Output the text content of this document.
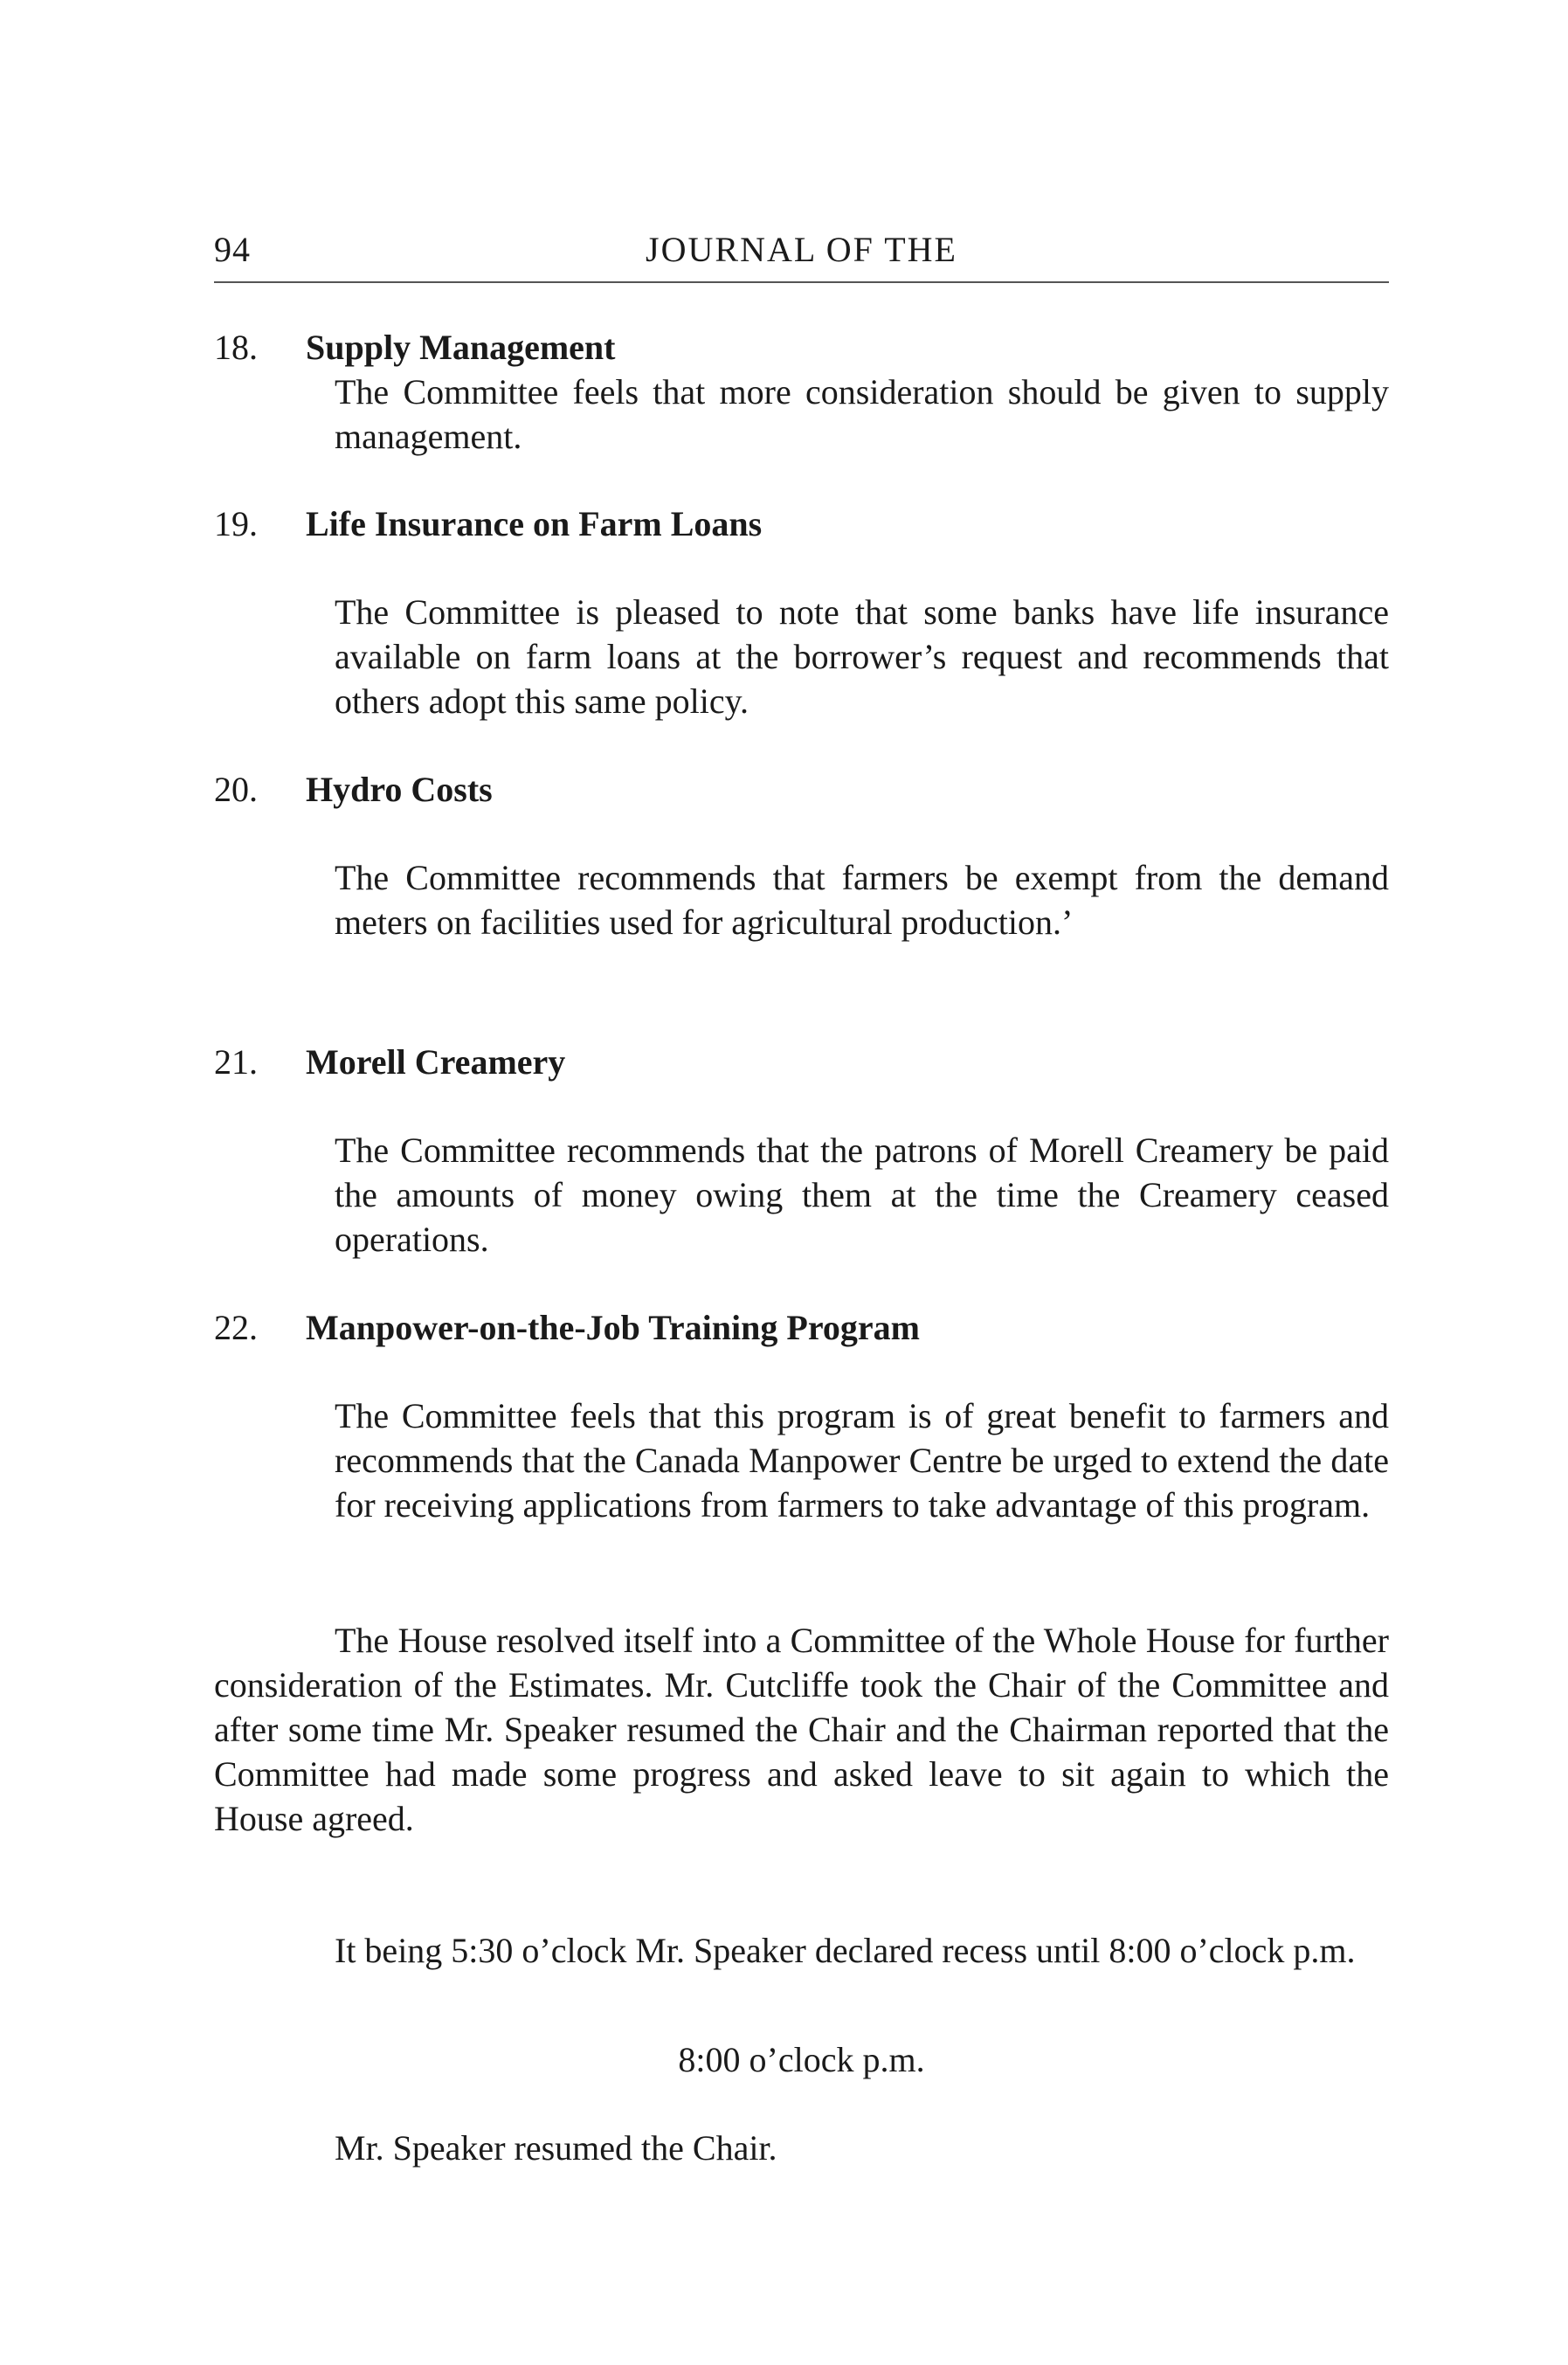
94	JOURNAL OF THE
18. Supply Management
The Committee feels that more consideration should be given to supply management.
19. Life Insurance on Farm Loans
The Committee is pleased to note that some banks have life insurance available on farm loans at the borrower’s request and recommends that others adopt this same policy.
20. Hydro Costs
The Committee recommends that farmers be exempt from the demand meters on facilities used for agricultural production.’
21. Morell Creamery
The Committee recommends that the patrons of Morell Creamery be paid the amounts of money owing them at the time the Creamery ceased operations.
22. Manpower-on-the-Job Training Program
The Committee feels that this program is of great benefit to farmers and recommends that the Canada Manpower Centre be urged to extend the date for receiving applications from farmers to take advantage of this program.
The House resolved itself into a Committee of the Whole House for further consideration of the Estimates. Mr. Cutcliffe took the Chair of the Committee and after some time Mr. Speaker resumed the Chair and the Chairman reported that the Committee had made some progress and asked leave to sit again to which the House agreed.
It being 5:30 o’clock Mr. Speaker declared recess until 8:00 o’clock p.m.
8:00 o’clock p.m.
Mr. Speaker resumed the Chair.
